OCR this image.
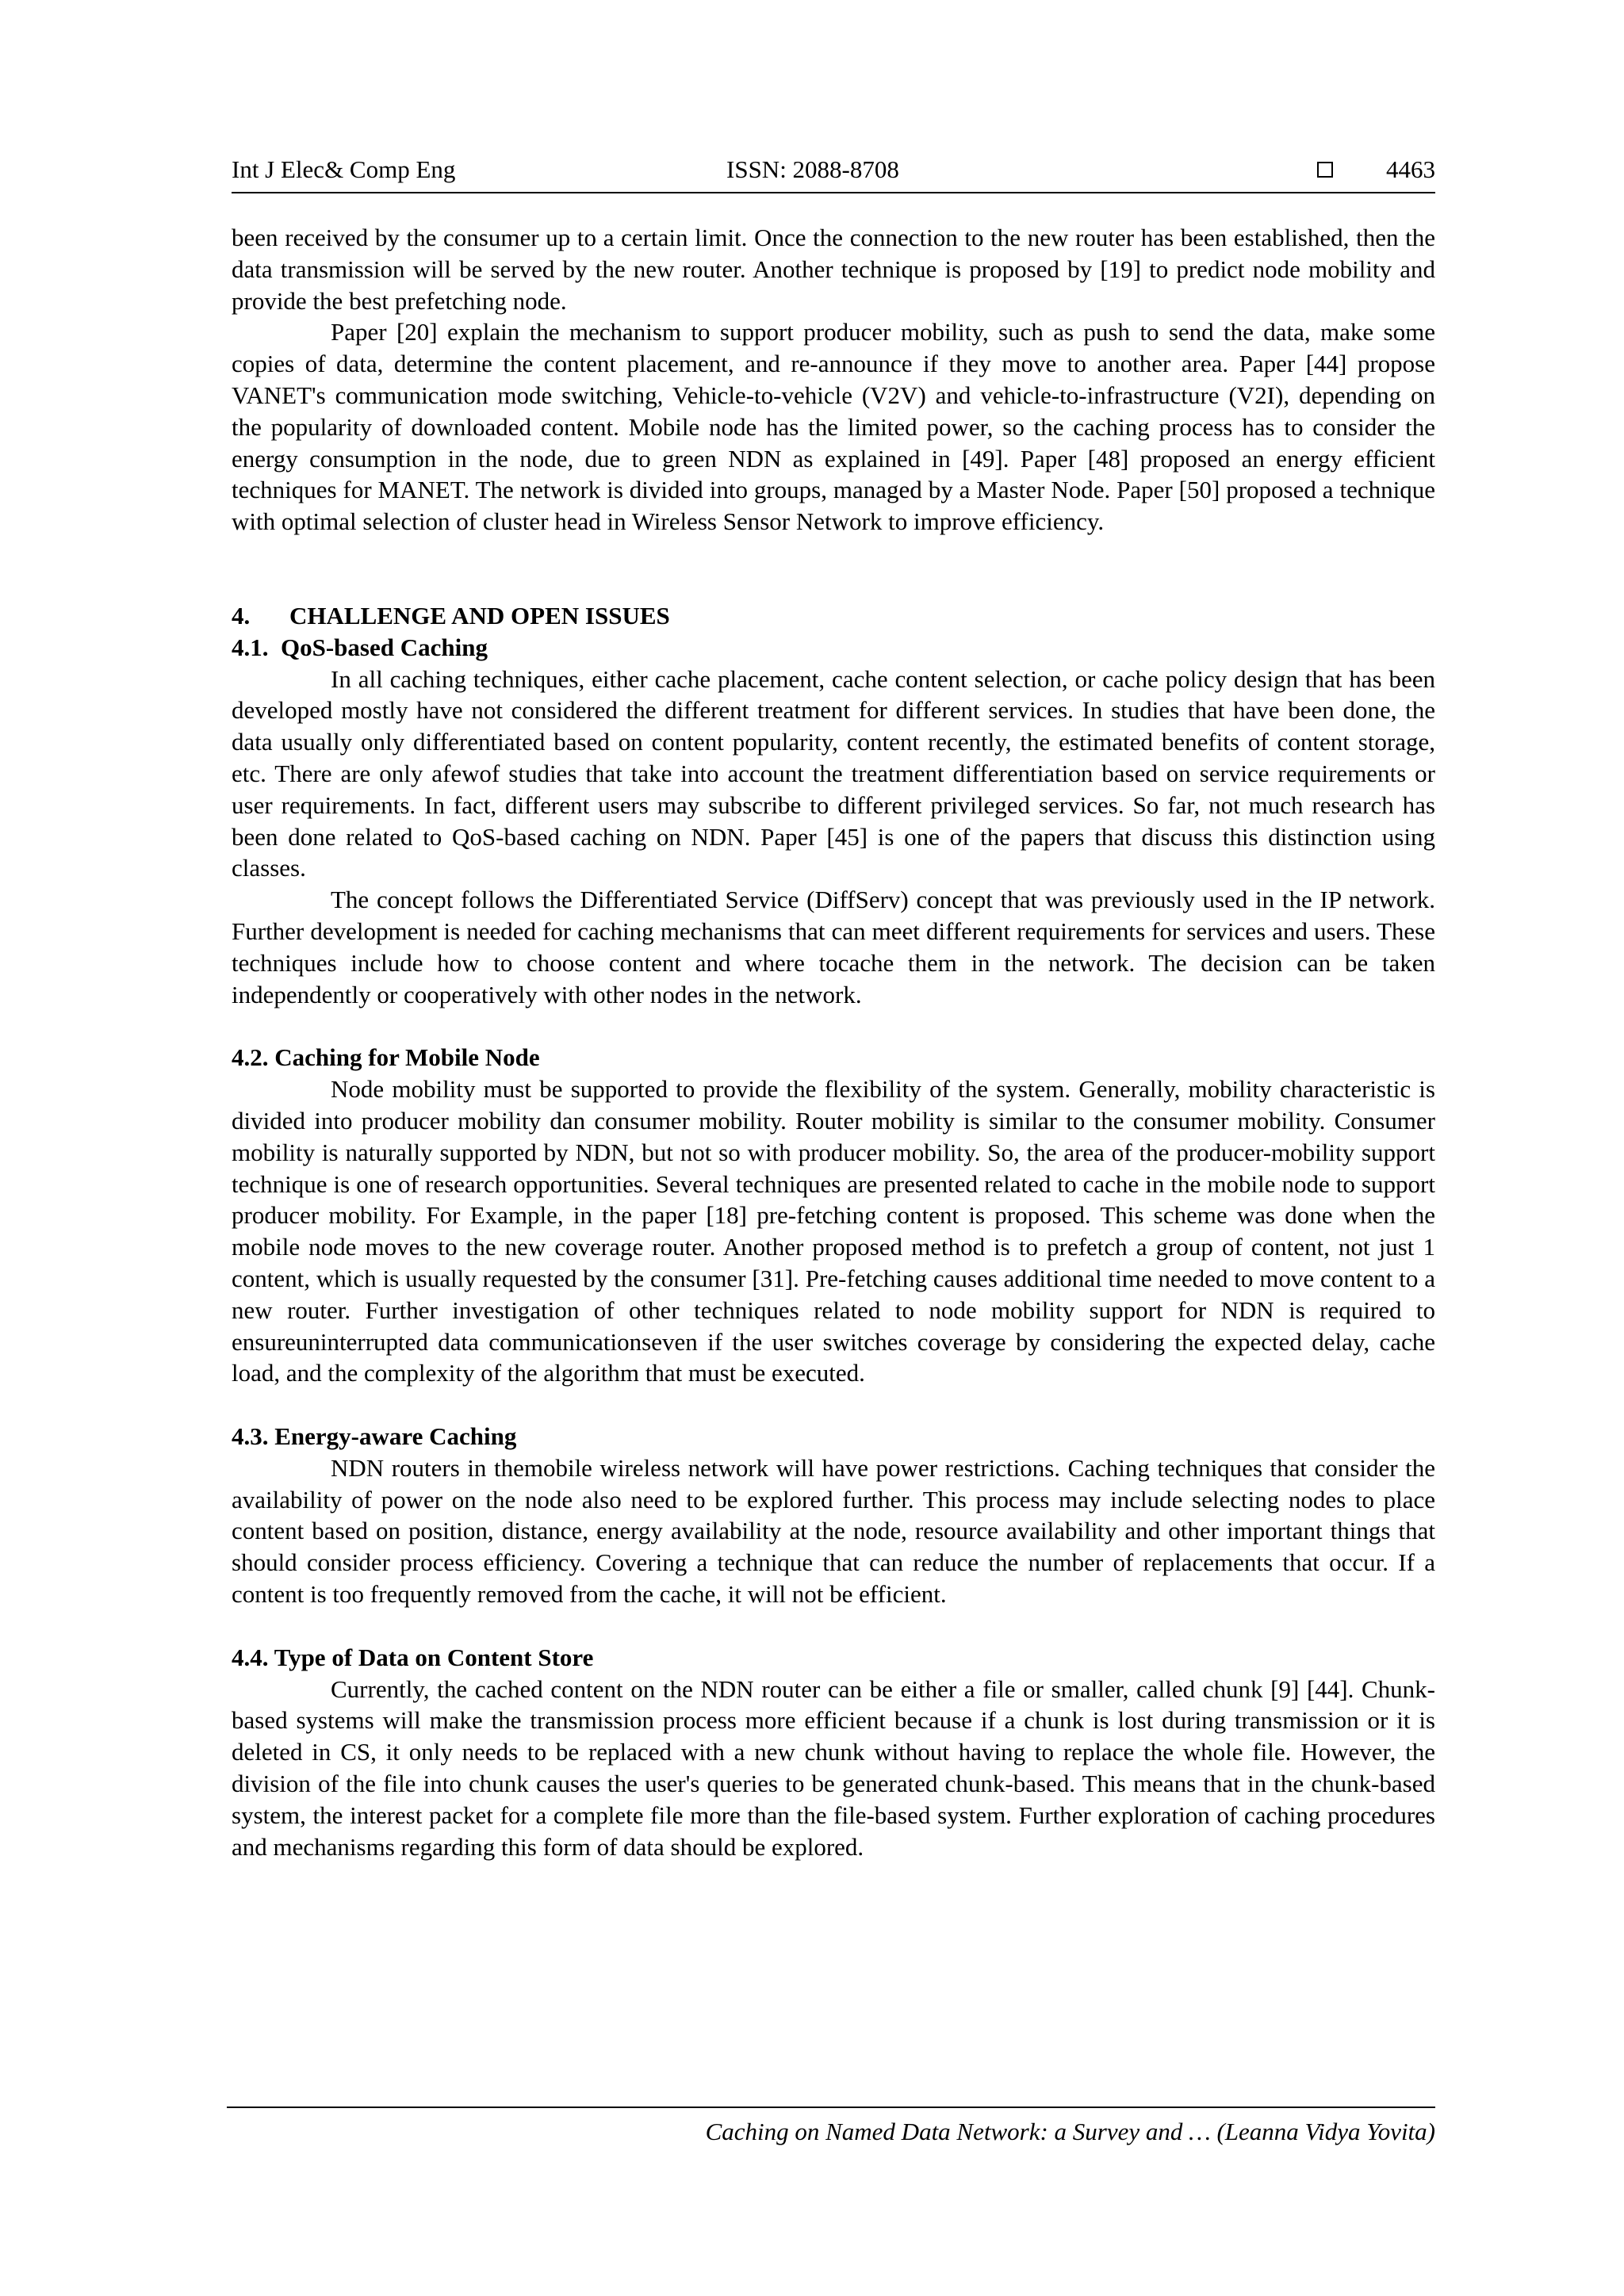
Int J Elec& Comp Eng	ISSN: 2088-8708	4463

been received by the consumer up to a certain limit. Once the connection to the new router has been established, then the data transmission will be served by the new router. Another technique is proposed by [19] to predict node mobility and provide the best prefetching node.

Paper [20] explain the mechanism to support producer mobility, such as push to send the data, make some copies of data, determine the content placement, and re-announce if they move to another area. Paper [44] propose VANET's communication mode switching, Vehicle-to-vehicle (V2V) and vehicle-to-infrastructure (V2I), depending on the popularity of downloaded content. Mobile node has the limited power, so the caching process has to consider the energy consumption in the node, due to green NDN as explained in [49]. Paper [48] proposed an energy efficient techniques for MANET. The network is divided into groups, managed by a Master Node. Paper [50] proposed a technique with optimal selection of cluster head in Wireless Sensor Network to improve efficiency.

4. CHALLENGE AND OPEN ISSUES
4.1.  QoS-based Caching

In all caching techniques, either cache placement, cache content selection, or cache policy design that has been developed mostly have not considered the different treatment for different services. In studies that have been done, the data usually only differentiated based on content popularity, content recently, the estimated benefits of content storage, etc. There are only afewof studies that take into account the treatment differentiation based on service requirements or user requirements. In fact, different users may subscribe to different privileged services. So far, not much research has been done related to QoS-based caching on NDN. Paper [45] is one of the papers that discuss this distinction using classes.

The concept follows the Differentiated Service (DiffServ) concept that was previously used in the IP network. Further development is needed for caching mechanisms that can meet different requirements for services and users. These techniques include how to choose content and where tocache them in the network. The decision can be taken independently or cooperatively with other nodes in the network.

4.2. Caching for Mobile Node

Node mobility must be supported to provide the flexibility of the system. Generally, mobility characteristic is divided into producer mobility dan consumer mobility. Router mobility is similar to the consumer mobility. Consumer mobility is naturally supported by NDN, but not so with producer mobility. So, the area of the producer-mobility support technique is one of research opportunities. Several techniques are presented related to cache in the mobile node to support producer mobility. For Example, in the paper [18] pre-fetching content is proposed. This scheme was done when the mobile node moves to the new coverage router. Another proposed method is to prefetch a group of content, not just 1 content, which is usually requested by the consumer [31]. Pre-fetching causes additional time needed to move content to a new router. Further investigation of other techniques related to node mobility support for NDN is required to ensureuninterrupted data communicationseven if the user switches coverage by considering the expected delay, cache load, and the complexity of the algorithm that must be executed.

4.3. Energy-aware Caching

NDN routers in themobile wireless network will have power restrictions. Caching techniques that consider the availability of power on the node also need to be explored further. This process may include selecting nodes to place content based on position, distance, energy availability at the node, resource availability and other important things that should consider process efficiency. Covering a technique that can reduce the number of replacements that occur. If a content is too frequently removed from the cache, it will not be efficient.

4.4. Type of Data on Content Store

Currently, the cached content on the NDN router can be either a file or smaller, called chunk [9] [44]. Chunk-based systems will make the transmission process more efficient because if a chunk is lost during transmission or it is deleted in CS, it only needs to be replaced with a new chunk without having to replace the whole file. However, the division of the file into chunk causes the user's queries to be generated chunk-based. This means that in the chunk-based system, the interest packet for a complete file more than the file-based system. Further exploration of caching procedures and mechanisms regarding this form of data should be explored.

Caching on Named Data Network: a Survey and … (Leanna Vidya Yovita)
